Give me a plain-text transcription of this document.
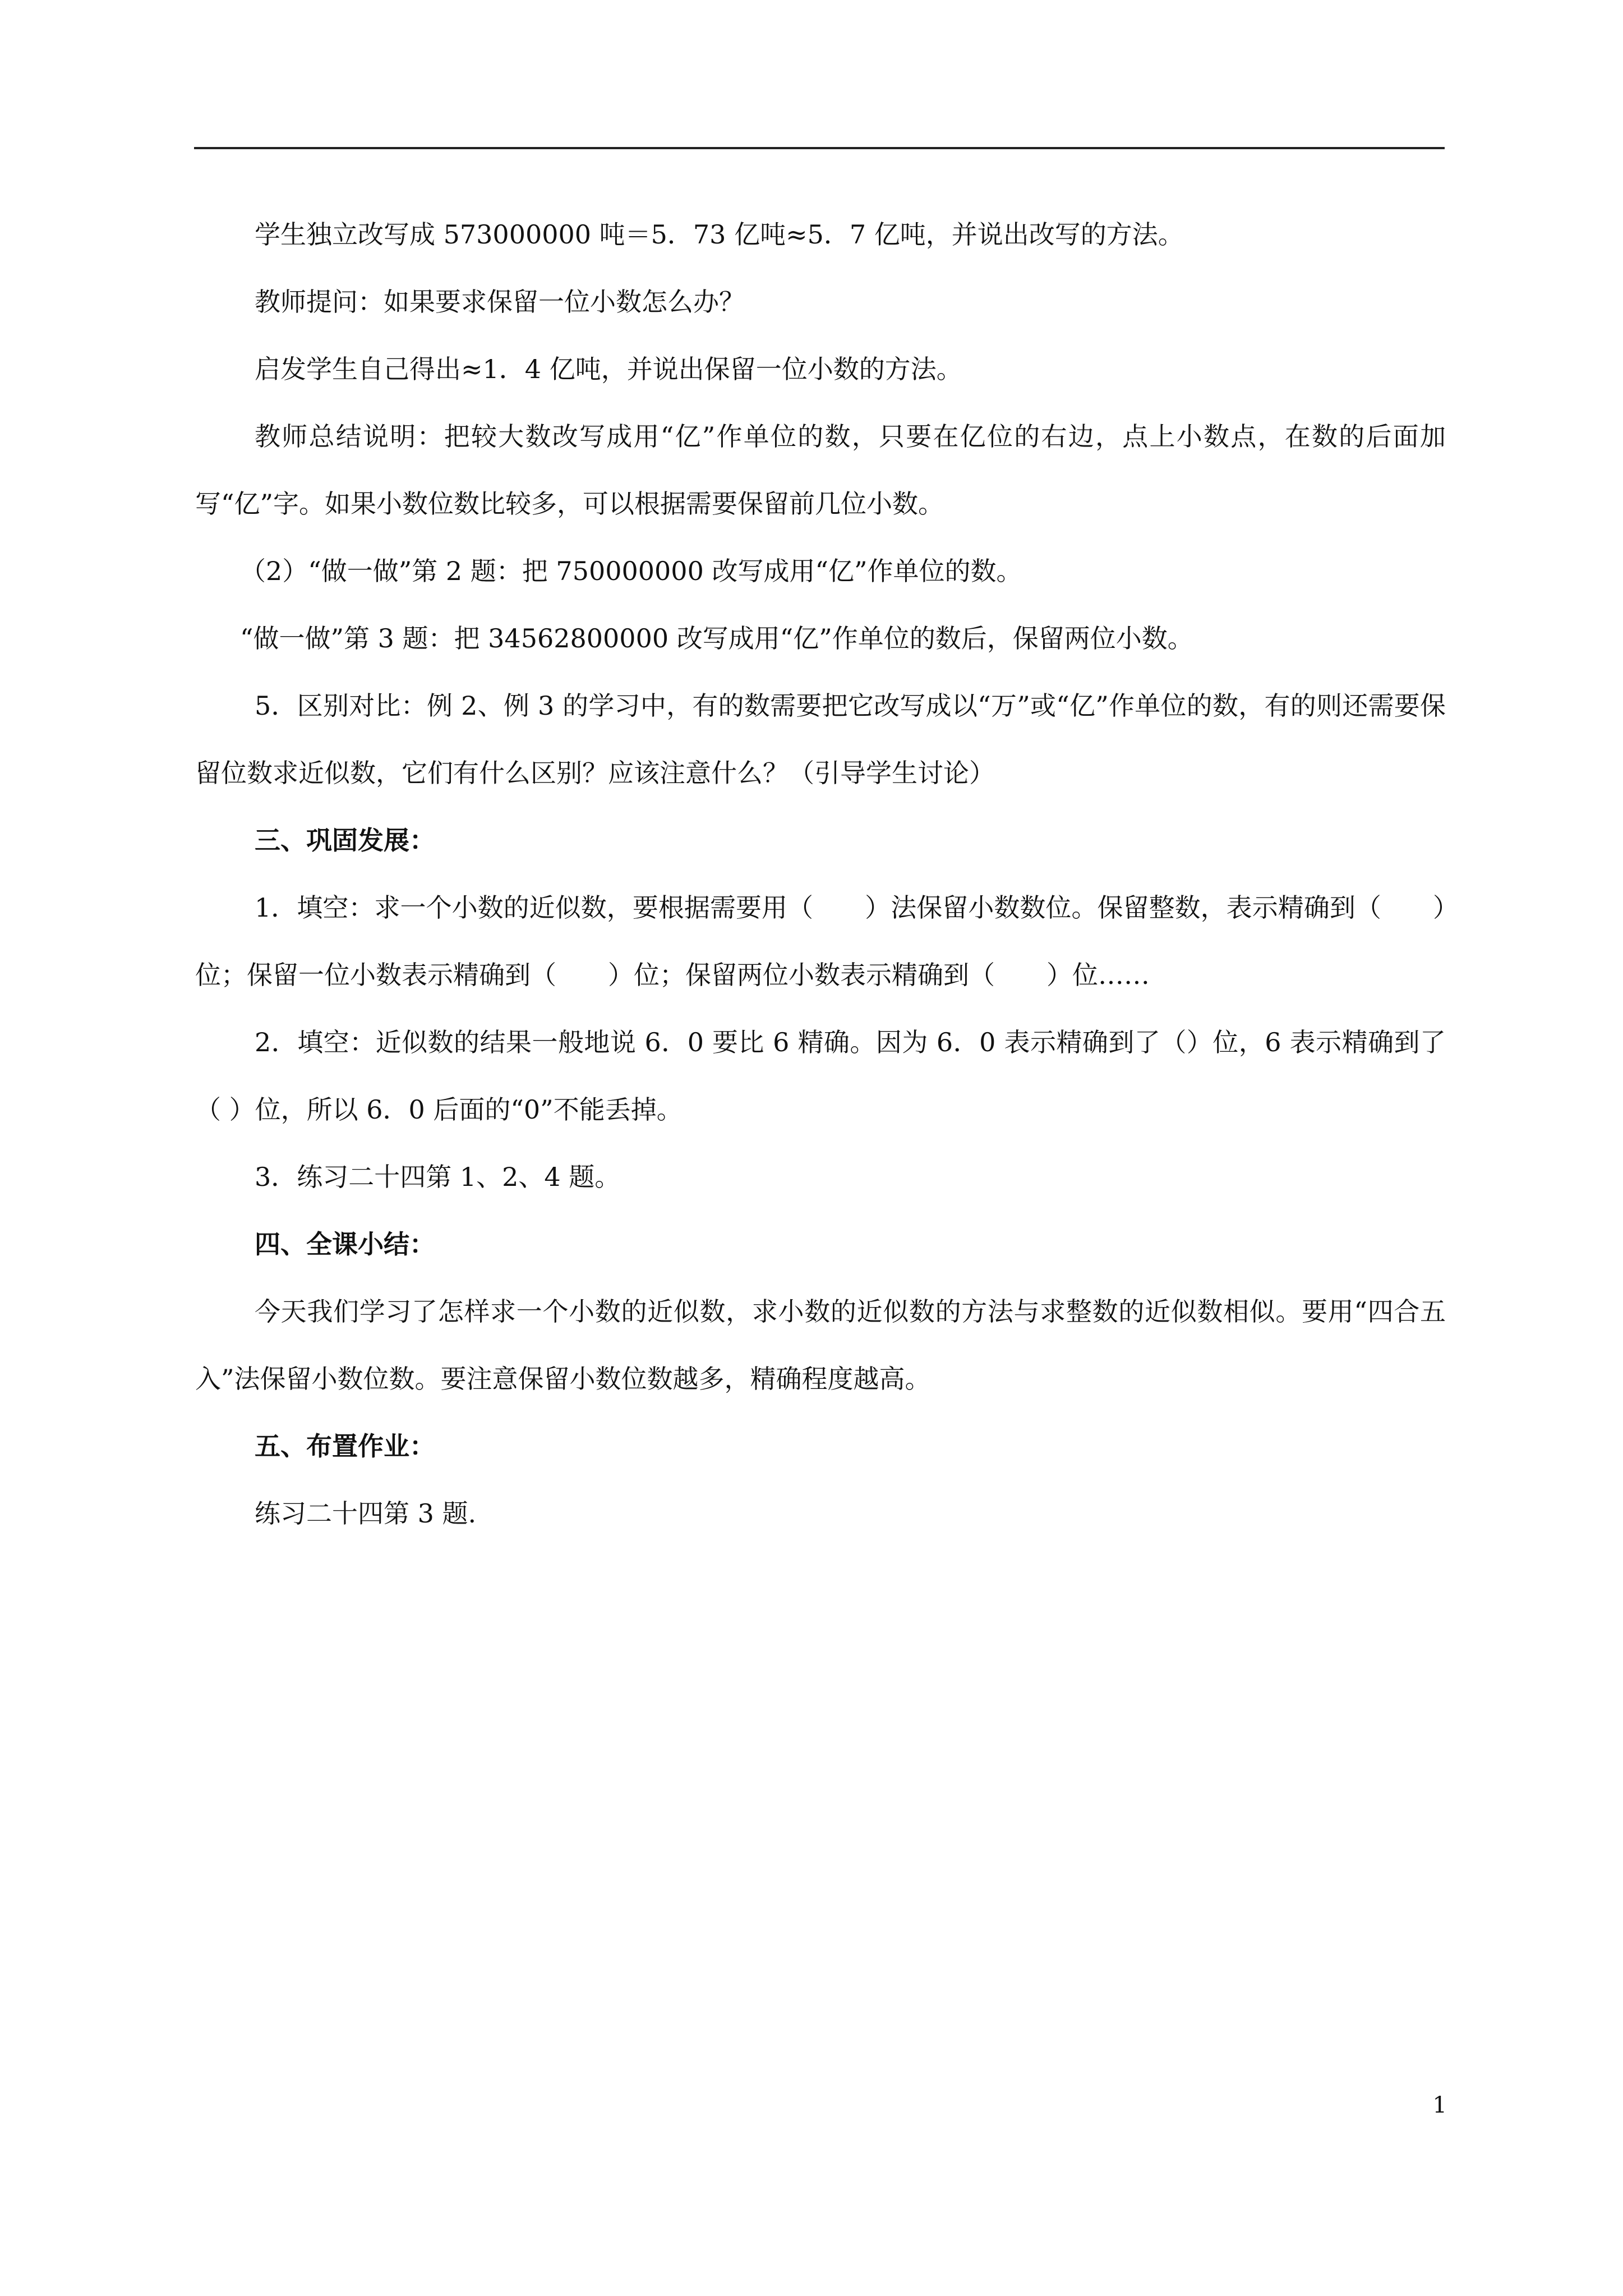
学生独立改写成 573000000 吨＝5．73 亿吨≈5．7 亿吨，并说出改写的方法。

教师提问：如果要求保留一位小数怎么办？

启发学生自己得出≈1．4 亿吨，并说出保留一位小数的方法。

教师总结说明：把较大数改写成用“亿”作单位的数，只要在亿位的右边，点上小数点，在数的后面加写“亿”字。如果小数位数比较多，可以根据需要保留前几位小数。

（2）“做一做”第 2 题：把 750000000 改写成用“亿”作单位的数。

“做一做”第 3 题：把 34562800000 改写成用“亿”作单位的数后，保留两位小数。

5．区别对比：例 2、例 3 的学习中，有的数需要把它改写成以“万”或“亿”作单位的数，有的则还需要保留位数求近似数，它们有什么区别？应该注意什么？（引导学生讨论）

三、巩固发展：

1．填空：求一个小数的近似数，要根据需要用（　　）法保留小数数位。保留整数，表示精确到（　　）位；保留一位小数表示精确到（　　）位；保留两位小数表示精确到（　　）位……

2．填空：近似数的结果一般地说 6．0 要比 6 精确。因为 6．0 表示精确到了（）位，6 表示精确到了（ ）位，所以 6．0 后面的“0”不能丢掉。

3．练习二十四第 1、2、4 题。

四、全课小结：

今天我们学习了怎样求一个小数的近似数，求小数的近似数的方法与求整数的近似数相似。要用“四合五入”法保留小数位数。要注意保留小数位数越多，精确程度越高。

五、布置作业：

练习二十四第 3 题.

1
